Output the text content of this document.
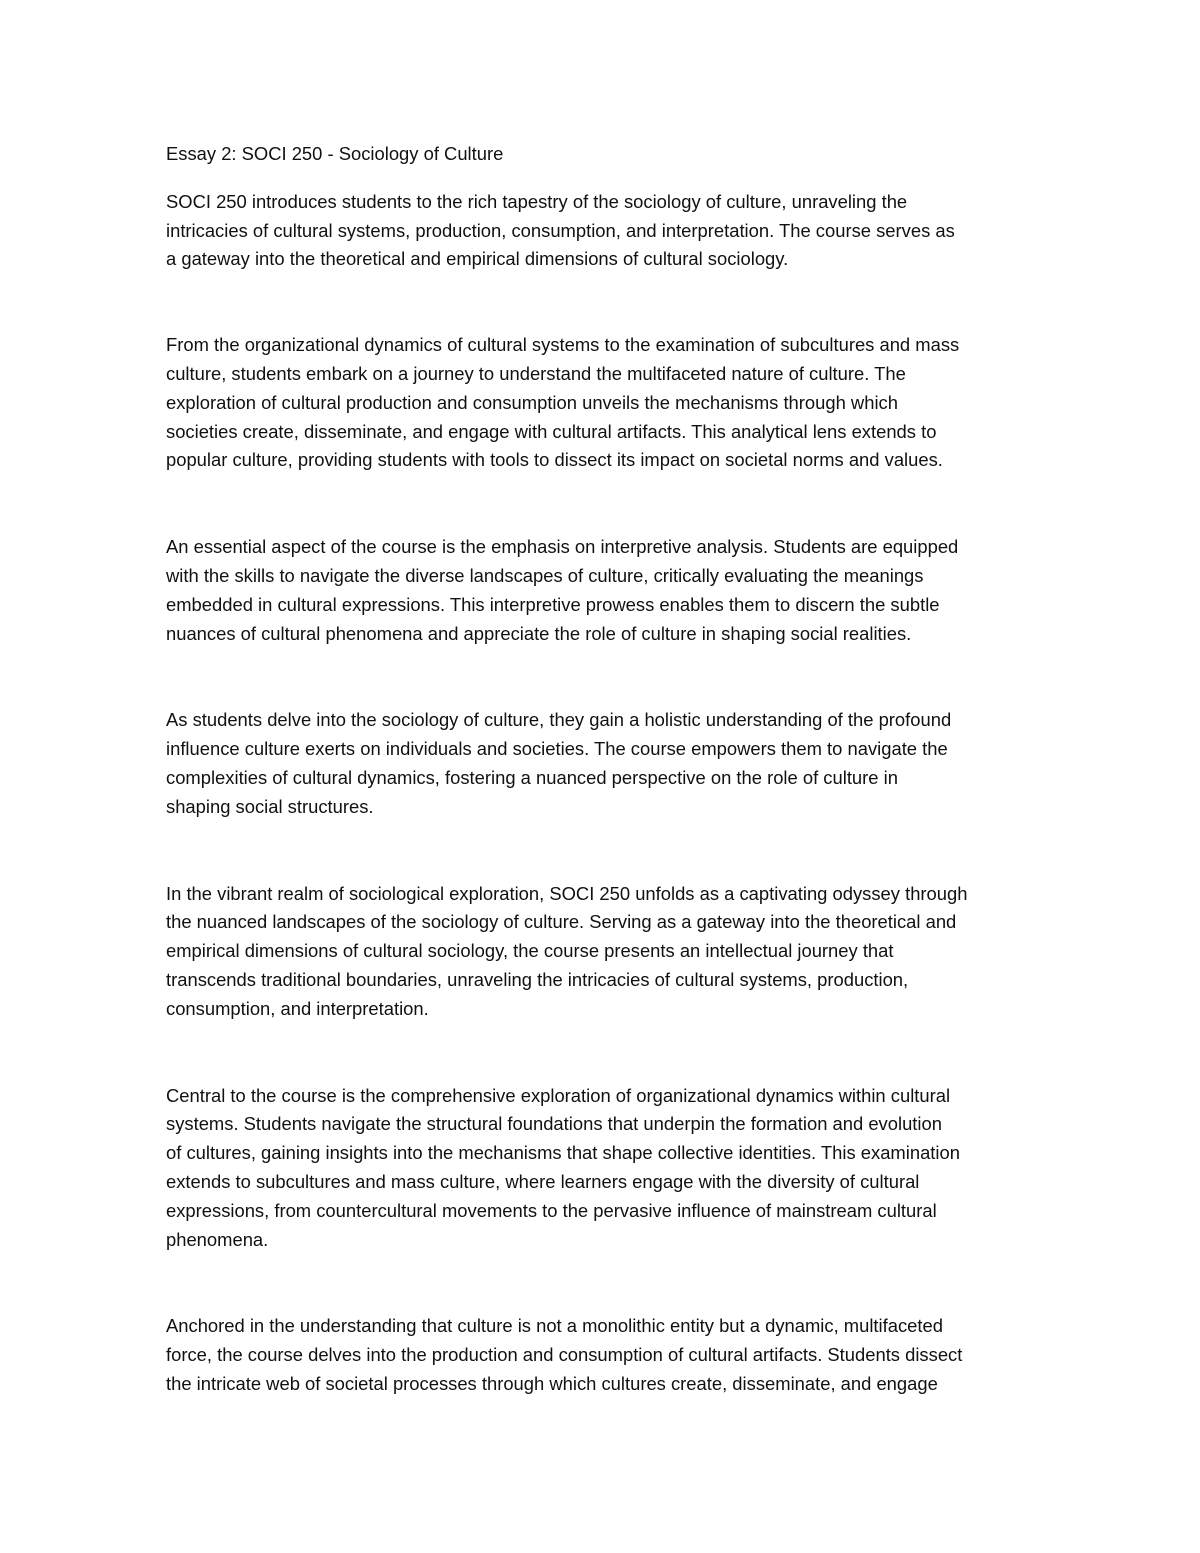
Essay 2: SOCI 250 - Sociology of Culture
SOCI 250 introduces students to the rich tapestry of the sociology of culture, unraveling the
intricacies of cultural systems, production, consumption, and interpretation. The course serves as
a gateway into the theoretical and empirical dimensions of cultural sociology.
From the organizational dynamics of cultural systems to the examination of subcultures and mass
culture, students embark on a journey to understand the multifaceted nature of culture. The
exploration of cultural production and consumption unveils the mechanisms through which
societies create, disseminate, and engage with cultural artifacts. This analytical lens extends to
popular culture, providing students with tools to dissect its impact on societal norms and values.
An essential aspect of the course is the emphasis on interpretive analysis. Students are equipped
with the skills to navigate the diverse landscapes of culture, critically evaluating the meanings
embedded in cultural expressions. This interpretive prowess enables them to discern the subtle
nuances of cultural phenomena and appreciate the role of culture in shaping social realities.
As students delve into the sociology of culture, they gain a holistic understanding of the profound
influence culture exerts on individuals and societies. The course empowers them to navigate the
complexities of cultural dynamics, fostering a nuanced perspective on the role of culture in
shaping social structures.
In the vibrant realm of sociological exploration, SOCI 250 unfolds as a captivating odyssey through
the nuanced landscapes of the sociology of culture. Serving as a gateway into the theoretical and
empirical dimensions of cultural sociology, the course presents an intellectual journey that
transcends traditional boundaries, unraveling the intricacies of cultural systems, production,
consumption, and interpretation.
Central to the course is the comprehensive exploration of organizational dynamics within cultural
systems. Students navigate the structural foundations that underpin the formation and evolution
of cultures, gaining insights into the mechanisms that shape collective identities. This examination
extends to subcultures and mass culture, where learners engage with the diversity of cultural
expressions, from countercultural movements to the pervasive influence of mainstream cultural
phenomena.
Anchored in the understanding that culture is not a monolithic entity but a dynamic, multifaceted
force, the course delves into the production and consumption of cultural artifacts. Students dissect
the intricate web of societal processes through which cultures create, disseminate, and engage
